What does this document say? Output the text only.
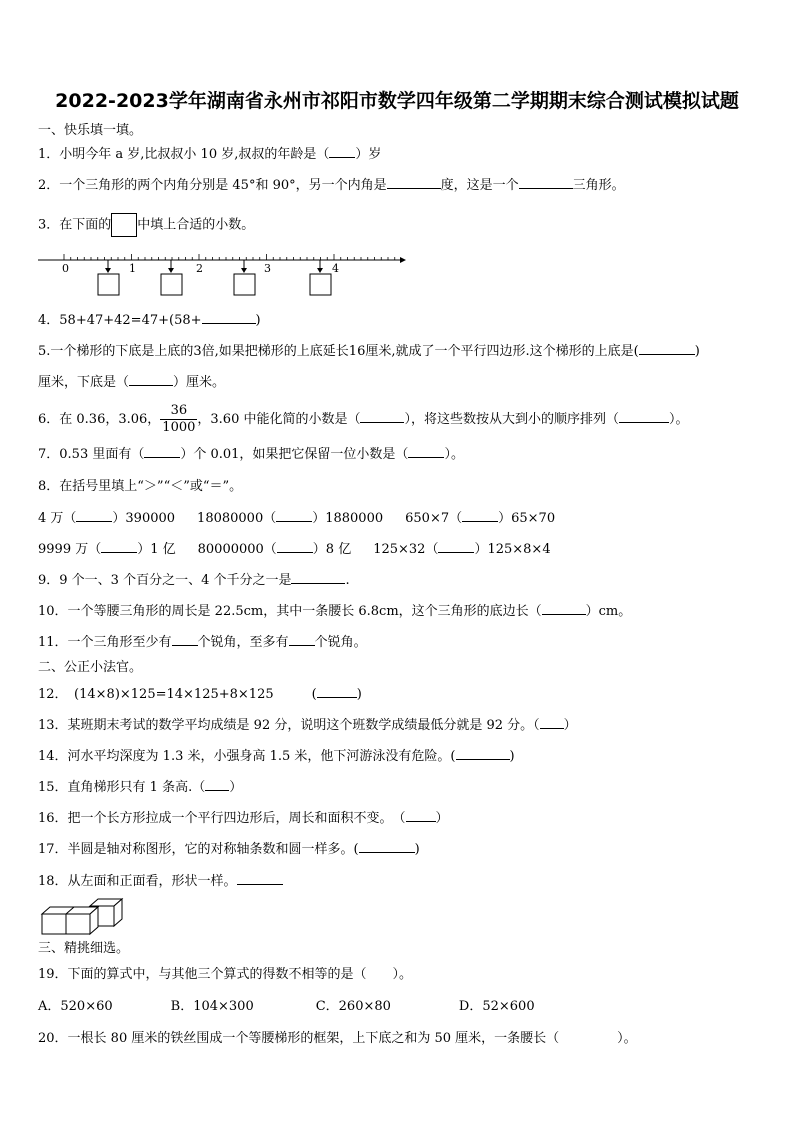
2022-2023学年湖南省永州市祁阳市数学四年级第二学期期末综合测试模拟试题
一、快乐填一填。
1．小明今年 a 岁,比叔叔小 10 岁,叔叔的年龄是（ ）岁
2．一个三角形的两个内角分别是 45°和 90°，另一个内角是	度，这是一个	三角形。
3．在下面的 中填上合适的小数。
0	1	2	3	4
4．58+47+42=47+(58+	)
5.一个梯形的下底是上底的3倍,如果把梯形的上底延长16厘米,就成了一个平行四边形.这个梯形的上底是(	)
厘米，下底是（	）厘米。
6．在 0.36，3.06， $\frac{36}{1000}$ ，3.60 中能化简的小数是（	），将这些数按从大到小的顺序排列（	）。
7．0.53 里面有（	）个 0.01，如果把它保留一位小数是（	）。
8．在括号里填上“＞”“＜”或“＝”。
4 万（	）390000 18080000（	）1880000 650×7（	）65×70
9999 万（	）1 亿 80000000（	）8 亿 125×32（	）125×8×4
9．9 个一、3 个百分之一、4 个千分之一是	.
10．一个等腰三角形的周长是 22.5cm，其中一条腰长 6.8cm，这个三角形的底边长（	）cm。
11．一个三角形至少有 个锐角，至多有 个锐角。
二、公正小法官。
12．　(14×8)×125=14×125+8×125	(	)
13．某班期末考试的数学平均成绩是 92 分，说明这个班数学成绩最低分就是 92 分。（ ）
14．河水平均深度为 1.3 米，小强身高 1.5 米，他下河游泳没有危险。(	)
15．直角梯形只有 1 条高.（ ）
16．把一个长方形拉成一个平行四边形后，周长和面积不变。　（ ）
17．半圆是轴对称图形，它的对称轴条数和圆一样多。(	)
18．从左面和正面看，形状一样。
三、精挑细选。
19．下面的算式中，与其他三个算式的得数不相等的是（　　）。
A．520×60	B．104×300	C．260×80	D．52×600
20．一根长 80 厘米的铁丝围成一个等腰梯形的框架，上下底之和为 50 厘米，一条腰长（	）。
